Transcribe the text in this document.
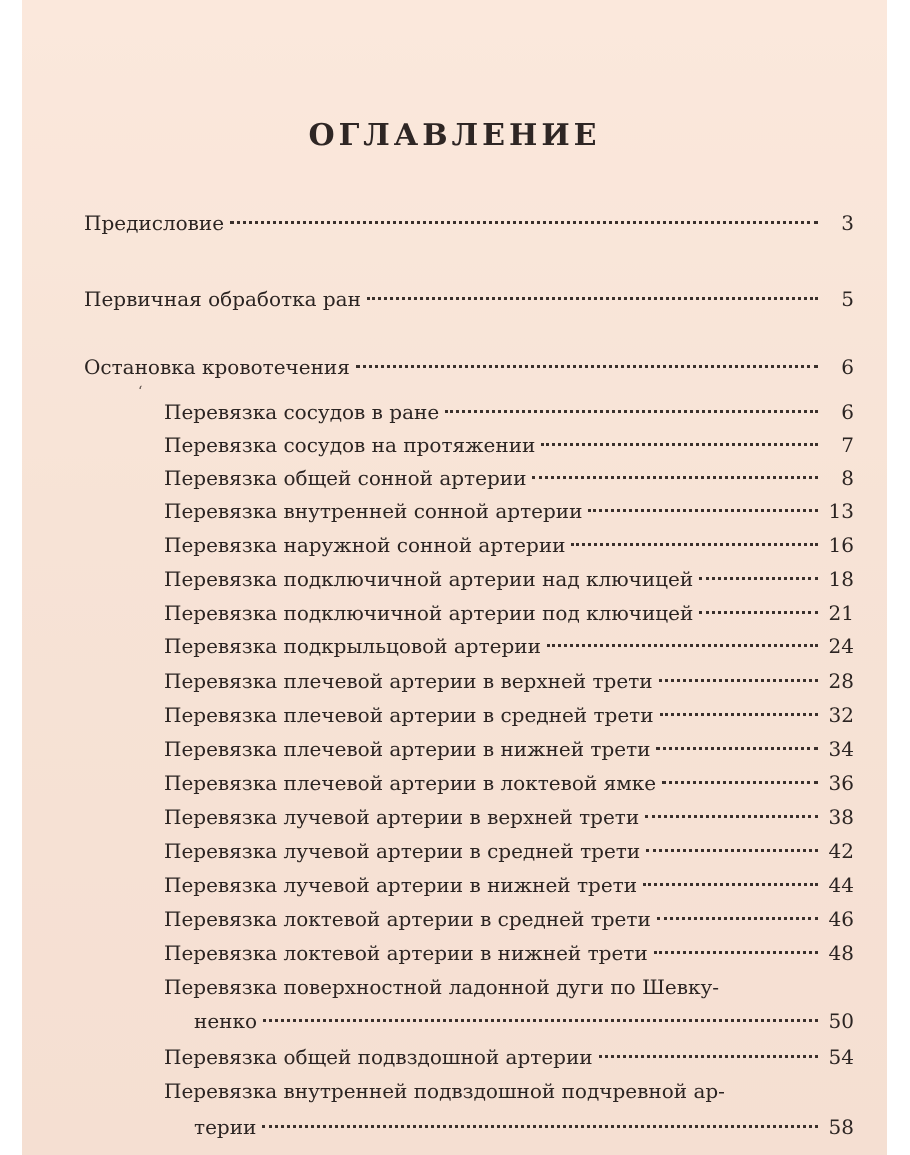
ОГЛАВЛЕНИЕ
Предисловие	3
Первичная обработка ран	5
Остановка кровотечения	6
‘
Перевязка сосудов в ране	6
Перевязка сосудов на протяжении	7
Перевязка общей сонной артерии	8
Перевязка внутренней сонной артерии	13
Перевязка наружной сонной артерии	16
Перевязка подключичной артерии над ключицей	18
Перевязка подключичной артерии под ключицей	21
Перевязка подкрыльцовой артерии	24
Перевязка плечевой артерии в верхней трети	28
Перевязка плечевой артерии в средней трети	32
Перевязка плечевой артерии в нижней трети	34
Перевязка плечевой артерии в локтевой ямке	36
Перевязка лучевой артерии в верхней трети	38
Перевязка лучевой артерии в средней трети	42
Перевязка лучевой артерии в нижней трети	44
Перевязка локтевой артерии в средней трети	46
Перевязка локтевой артерии в нижней трети	48
Перевязка поверхностной ладонной дуги по Шевку-
ненко	50
Перевязка общей подвздошной артерии	54
Перевязка внутренней подвздошной подчревной ар-
терии	58
